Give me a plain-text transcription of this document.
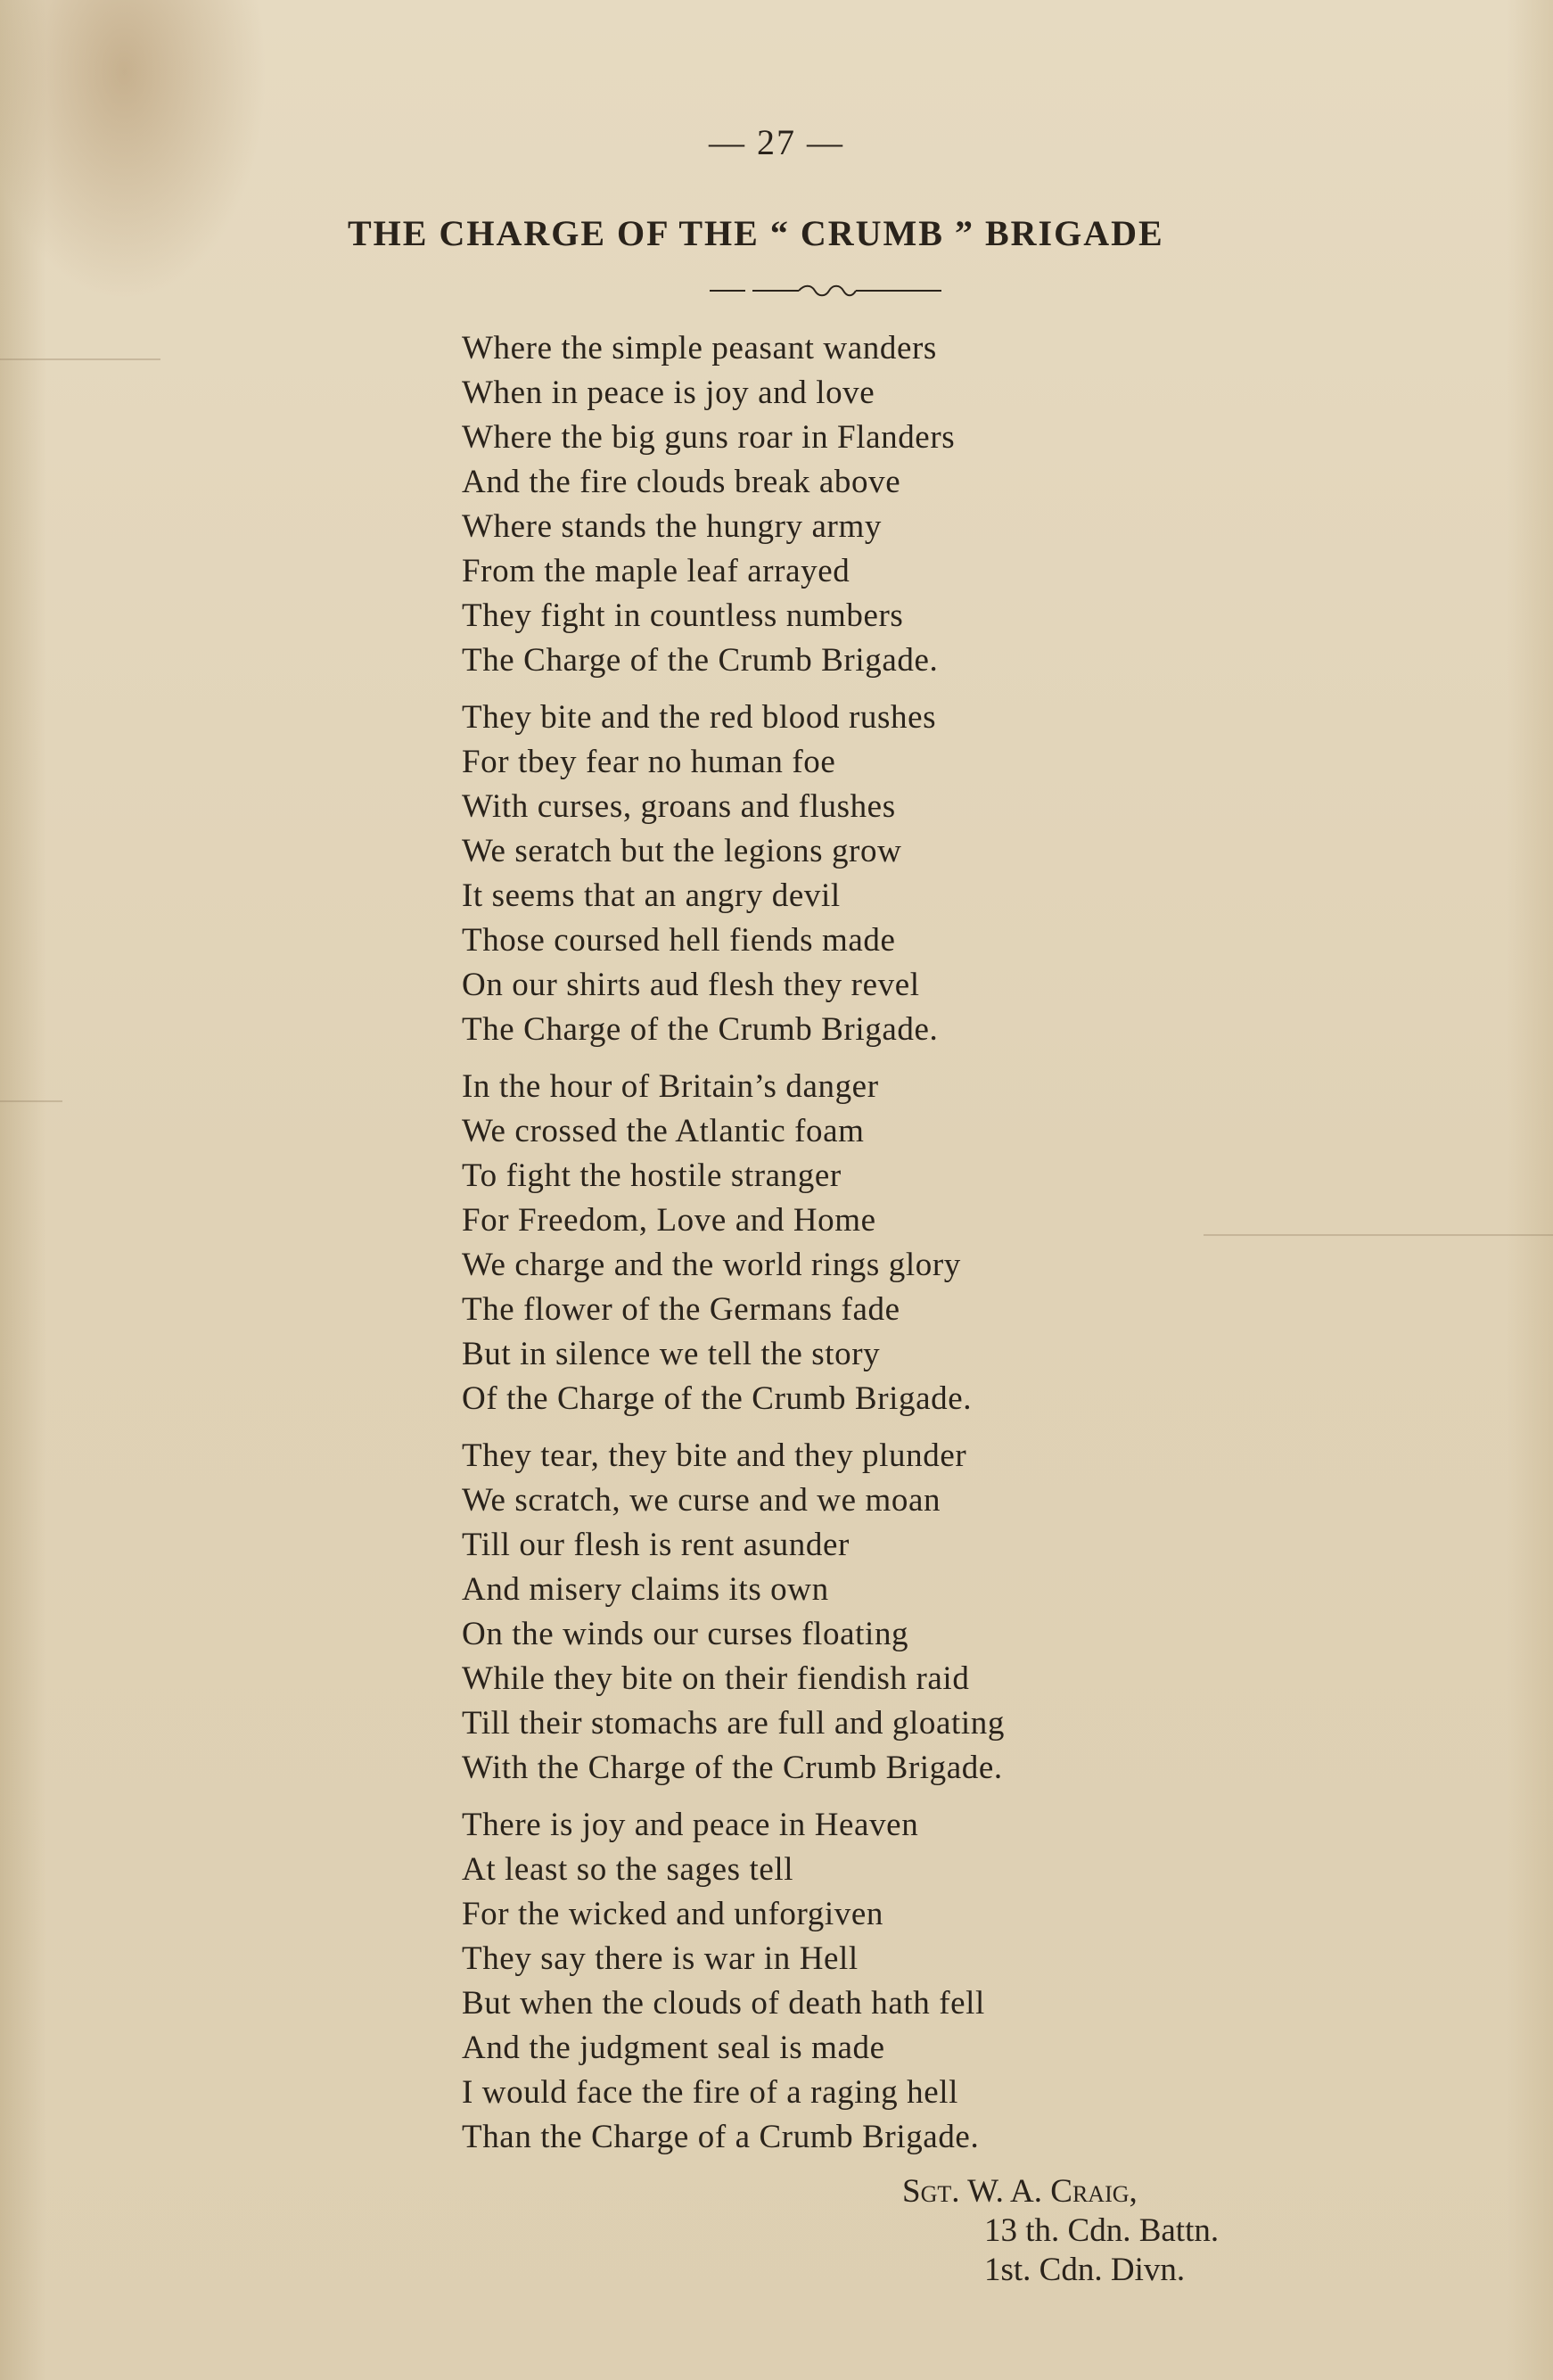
— 27 —
THE CHARGE OF THE “ CRUMB ” BRIGADE
Where the simple peasant wanders
When in peace is joy and love
Where the big guns roar in Flanders
And the fire clouds break above
Where stands the hungry army
From the maple leaf arrayed
They fight in countless numbers
The Charge of the Crumb Brigade.
They bite and the red blood rushes
For tbey fear no human foe
With curses, groans and flushes
We seratch but the legions grow
It seems that an angry devil
Those coursed hell fiends made
On our shirts aud flesh they revel
The Charge of the Crumb Brigade.
In the hour of Britain’s danger
We crossed the Atlantic foam
To fight the hostile stranger
For Freedom, Love and Home
We charge and the world rings glory
The flower of the Germans fade
But in silence we tell the story
Of the Charge of the Crumb Brigade.
They tear, they bite and they plunder
We scratch, we curse and we moan
Till our flesh is rent asunder
And misery claims its own
On the winds our curses floating
While they bite on their fiendish raid
Till their stomachs are full and gloating
With the Charge of the Crumb Brigade.
There is joy and peace in Heaven
At least so the sages tell
For the wicked and unforgiven
They say there is war in Hell
But when the clouds of death hath fell
And the judgment seal is made
I would face the fire of a raging hell
Than the Charge of a Crumb Brigade.
Sgt. W. A. Craig,
13 th. Cdn. Battn.
1st. Cdn. Divn.
